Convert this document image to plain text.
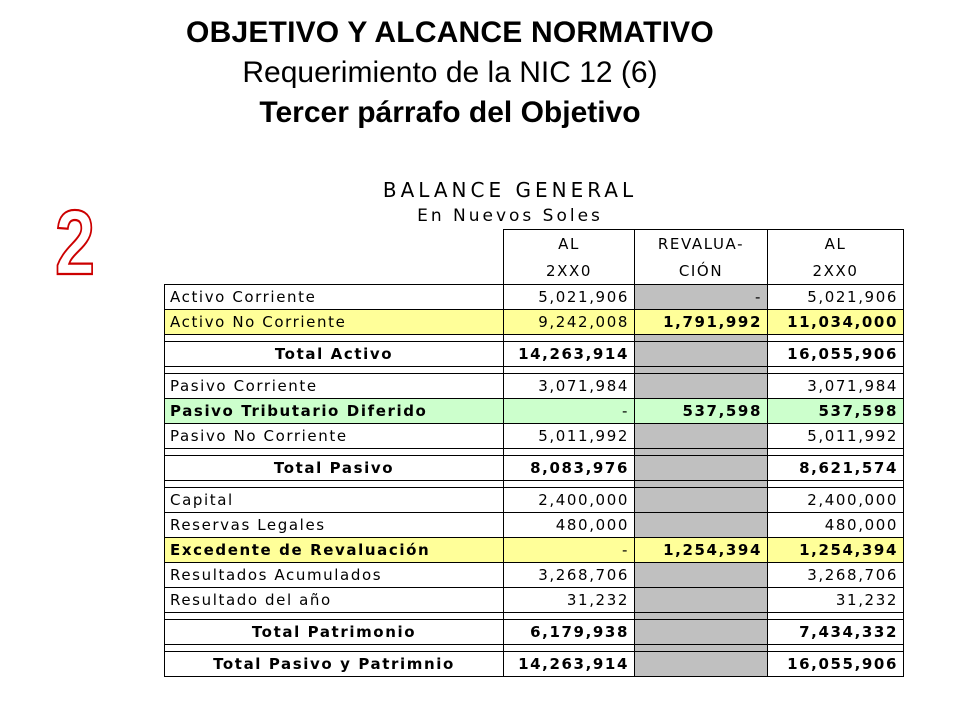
OBJETIVO Y ALCANCE NORMATIVO
Requerimiento de la NIC 12 (6)
Tercer párrafo del Objetivo
2
BALANCE GENERAL
En Nuevos Soles
	AL	REVALUA-	AL
	2XX0	CIÓN	2XX0
Activo Corriente	5,021,906	-	5,021,906
Activo No Corriente	9,242,008	1,791,992	11,034,000

Total Activo	14,263,914		16,055,906

Pasivo Corriente	3,071,984		3,071,984
Pasivo Tributario Diferido	-	537,598	537,598
Pasivo No Corriente	5,011,992		5,011,992

Total Pasivo	8,083,976		8,621,574

Capital	2,400,000		2,400,000
Reservas Legales	480,000		480,000
Excedente de Revaluación	-	1,254,394	1,254,394
Resultados Acumulados	3,268,706		3,268,706
Resultado del año	31,232		31,232

Total Patrimonio	6,179,938		7,434,332

Total Pasivo y Patrimnio	14,263,914		16,055,906
